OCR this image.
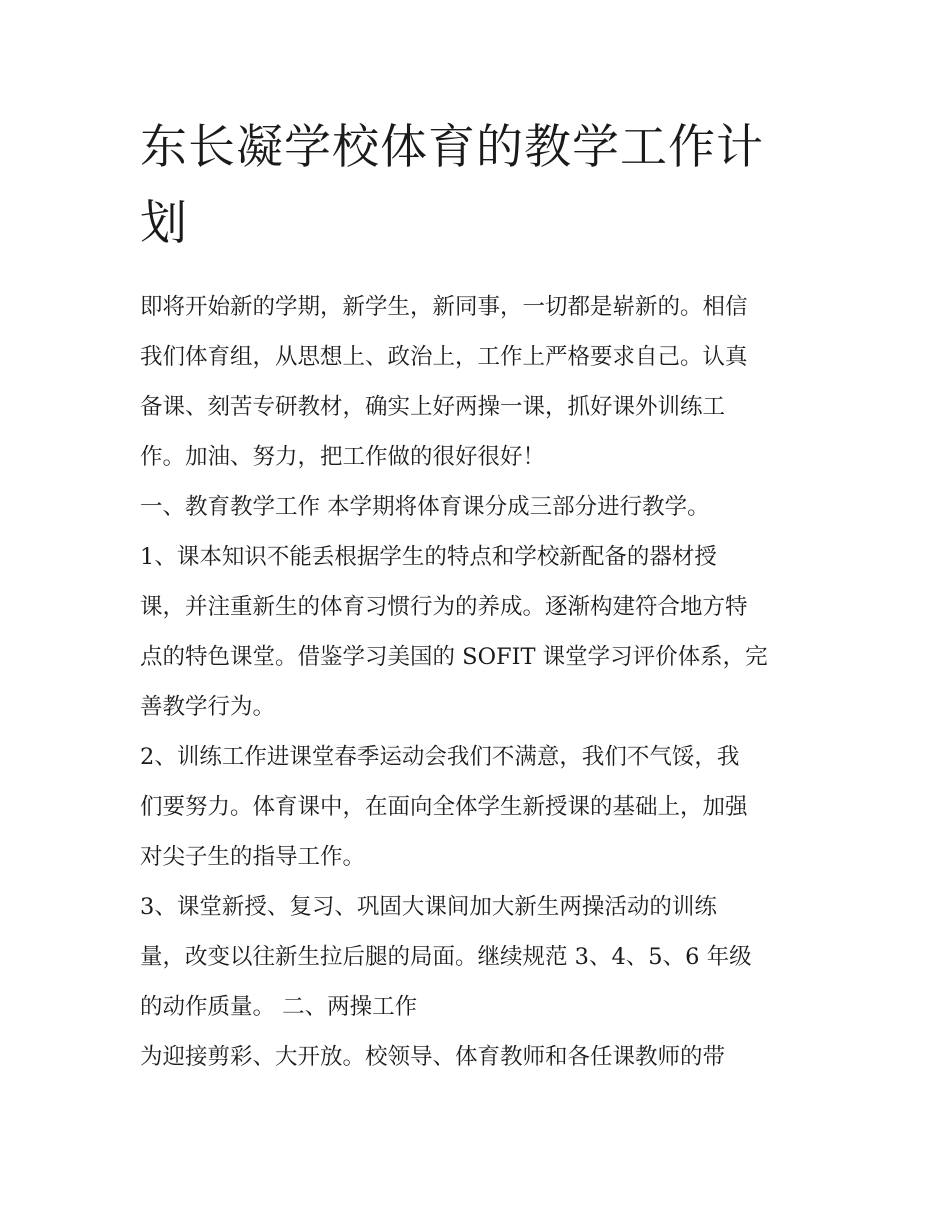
东长凝学校体育的教学工作计
划

即将开始新的学期，新学生，新同事，一切都是崭新的。相信
我们体育组，从思想上、政治上，工作上严格要求自己。认真
备课、刻苦专研教材，确实上好两操一课，抓好课外训练工
作。加油、努力，把工作做的很好很好！

一、教育教学工作 本学期将体育课分成三部分进行教学。

1、课本知识不能丢根据学生的特点和学校新配备的器材授
课，并注重新生的体育习惯行为的养成。逐渐构建符合地方特
点的特色课堂。借鉴学习美国的 SOFIT 课堂学习评价体系，完
善教学行为。

2、训练工作进课堂春季运动会我们不满意，我们不气馁，我
们要努力。体育课中，在面向全体学生新授课的基础上，加强
对尖子生的指导工作。

3、课堂新授、复习、巩固大课间加大新生两操活动的训练
量，改变以往新生拉后腿的局面。继续规范 3、4、5、6 年级
的动作质量。 二、两操工作

为迎接剪彩、大开放。校领导、体育教师和各任课教师的带
